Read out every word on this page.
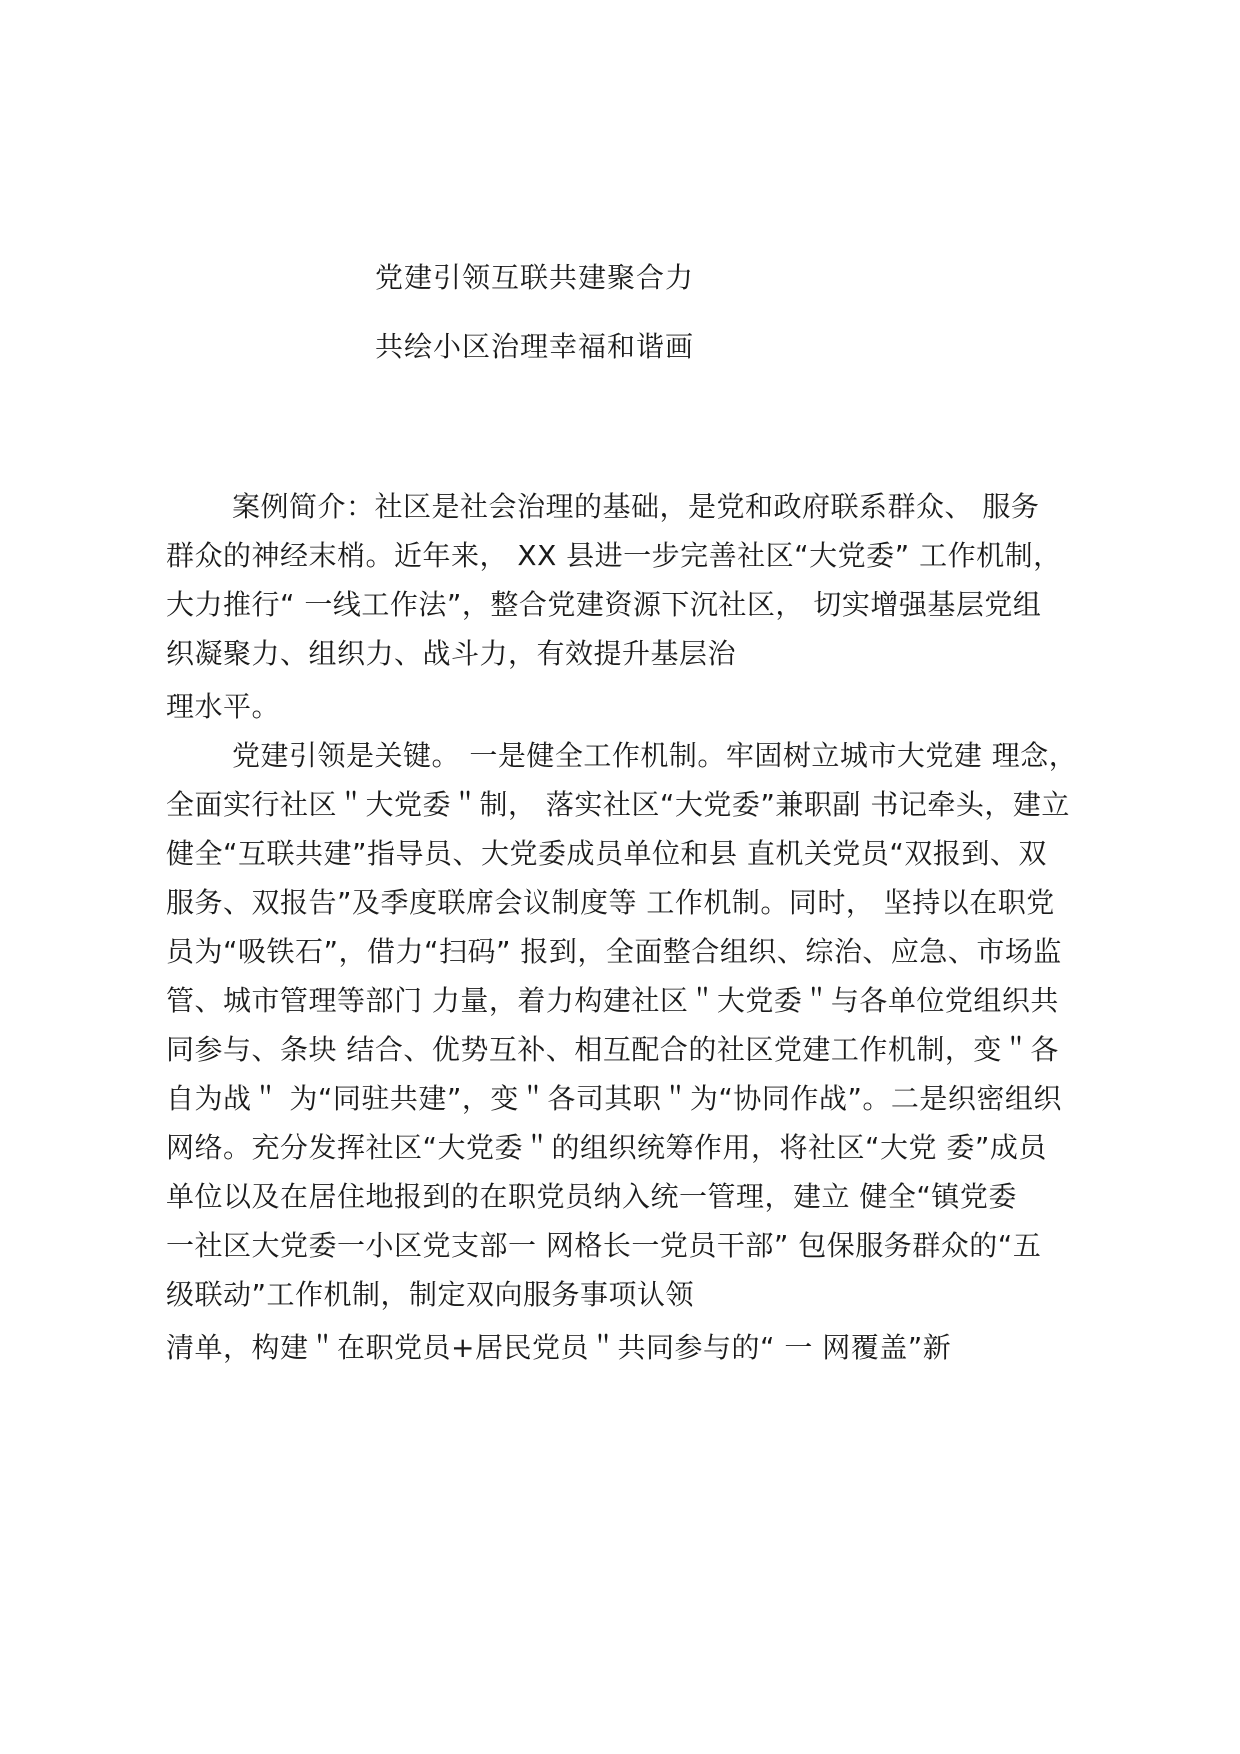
党建引领互联共建聚合力
共绘小区治理幸福和谐画
案例简介：社区是社会治理的基础，是党和政府联系群众、 服务
群众的神经末梢。近年来， XX 县进一步完善社区“大党委” 工作机制，
大力推行“ 一线工作法”，整合党建资源下沉社区， 切实增强基层党组
织凝聚力、组织力、战斗力，有效提升基层治
理水平。
党建引领是关键。 一是健全工作机制。牢固树立城市大党建 理念，
全面实行社区＂大党委＂制， 落实社区“大党委”兼职副 书记牵头，建立
健全“互联共建”指导员、大党委成员单位和县 直机关党员“双报到、双
服务、双报告”及季度联席会议制度等 工作机制。同时， 坚持以在职党
员为“吸铁石”，借力“扫码” 报到，全面整合组织、综治、应急、市场监
管、城市管理等部门 力量，着力构建社区＂大党委＂与各单位党组织共
同参与、条块 结合、优势互补、相互配合的社区党建工作机制，变＂各
自为战＂ 为“同驻共建”，变＂各司其职＂为“协同作战”。二是织密组织
网络。充分发挥社区“大党委＂的组织统筹作用，将社区“大党 委”成员
单位以及在居住地报到的在职党员纳入统一管理，建立 健全“镇党委
一社区大党委一小区党支部一 网格长一党员干部” 包保服务群众的“五
级联动”工作机制，制定双向服务事项认领
清单，构建＂在职党员+居民党员＂共同参与的“ 一 网覆盖”新
